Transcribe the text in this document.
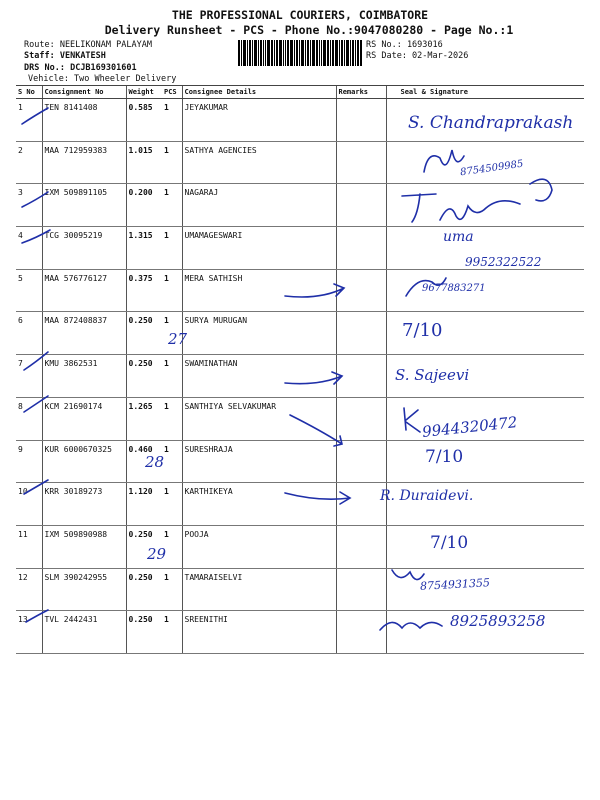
THE PROFESSIONAL COURIERS, COIMBATORE
Delivery Runsheet - PCS - Phone No.:9047080280 - Page No.:1
Route: NEELIKONAM PALAYAM
Staff: VENKATESH
DRS No.: DCJB169301601
Vehicle: Two Wheeler Delivery
RS No.: 1693016
RS Date: 02-Mar-2026
S No	Consignment No	Weight	PCS	Consignee Details	Remarks	Seal & Signature
1	TEN 8141408	0.585	1	JEYAKUMAR		
2	MAA 712959383	1.015	1	SATHYA AGENCIES		
3	IXM 509891105	0.200	1	NAGARAJ		
4	TCG 30095219	1.315	1	UMAMAGESWARI		
5	MAA 576776127	0.375	1	MERA SATHISH		
6	MAA 872408837	0.250	1	SURYA MURUGAN		
7	KMU 3862531	0.250	1	SWAMINATHAN		
8	KCM 21690174	1.265	1	SANTHIYA SELVAKUMAR		
9	KUR 6000670325	0.460	1	SURESHRAJA		
10	KRR 30189273	1.120	1	KARTHIKEYA		
11	IXM 509890988	0.250	1	POOJA		
12	SLM 390242955	0.250	1	TAMARAISELVI		
13	TVL 2442431	0.250	1	SREENITHI		
27
28
29
S. Chandraprakash
8754509985
uma
9952322522
9677883271
7/10
S. Sajeevi
9944320472
7/10
R. Duraidevi.
7/10
8754931355
8925893258
